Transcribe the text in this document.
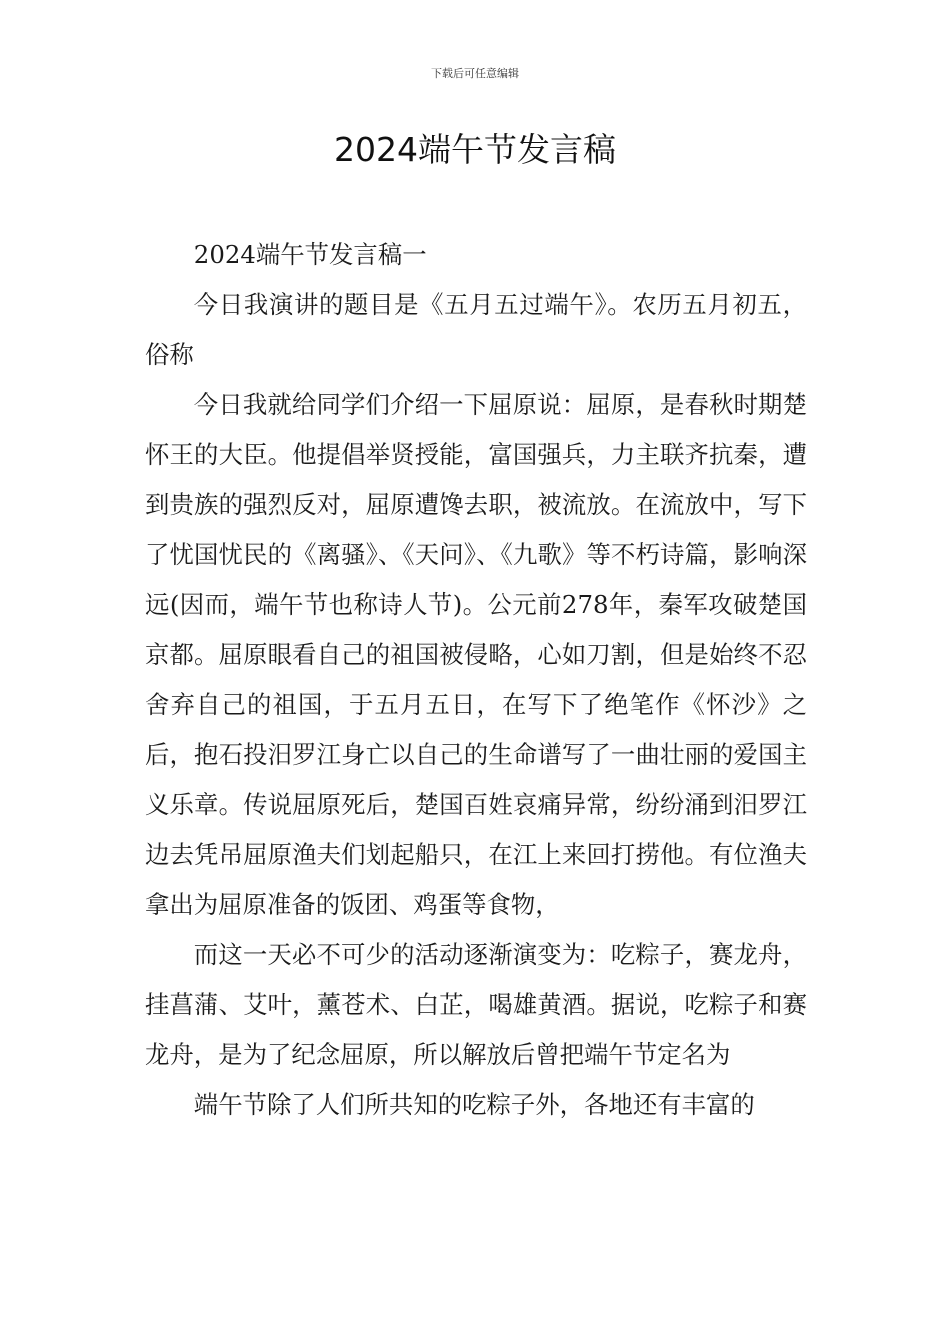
下载后可任意编辑
2024端午节发言稿

2024端午节发言稿一

今日我演讲的题目是《五月五过端午》。农历五月初五，俗称

今日我就给同学们介绍一下屈原说：屈原，是春秋时期楚怀王的大臣。他提倡举贤授能，富国强兵，力主联齐抗秦，遭到贵族的强烈反对，屈原遭馋去职，被流放。在流放中，写下了忧国忧民的《离骚》、《天问》、《九歌》等不朽诗篇，影响深远(因而，端午节也称诗人节)。公元前278年，秦军攻破楚国京都。屈原眼看自己的祖国被侵略，心如刀割，但是始终不忍舍弃自己的祖国，于五月五日，在写下了绝笔作《怀沙》之后，抱石投汨罗江身亡以自己的生命谱写了一曲壮丽的爱国主义乐章。传说屈原死后，楚国百姓哀痛异常，纷纷涌到汨罗江边去凭吊屈原渔夫们划起船只，在江上来回打捞他。有位渔夫拿出为屈原准备的饭团、鸡蛋等食物，

而这一天必不可少的活动逐渐演变为：吃粽子，赛龙舟，挂菖蒲、艾叶，薰苍术、白芷，喝雄黄酒。据说，吃粽子和赛龙舟，是为了纪念屈原，所以解放后曾把端午节定名为

端午节除了人们所共知的吃粽子外，各地还有丰富的
